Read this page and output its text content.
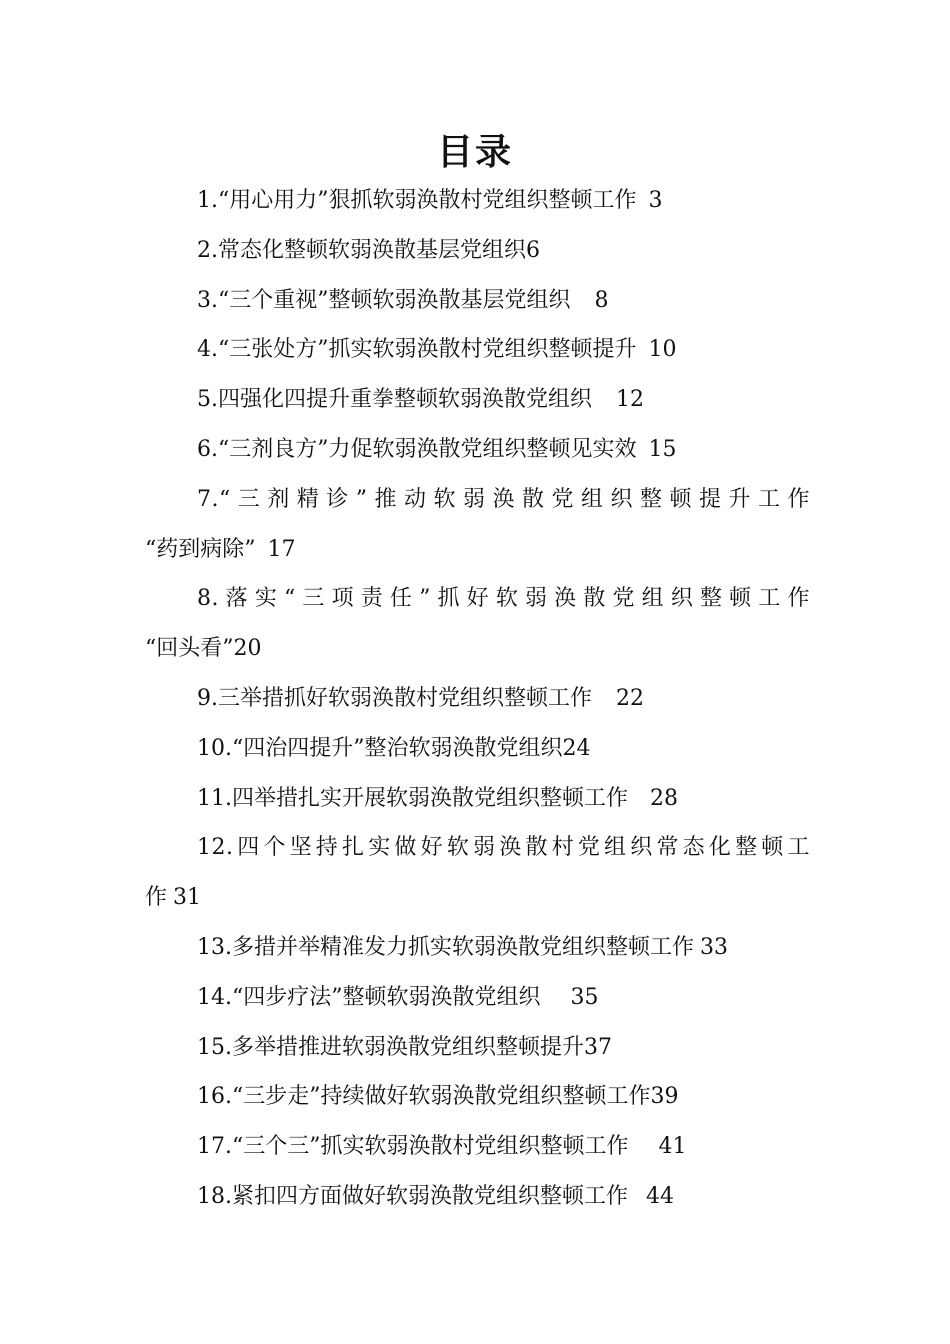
目录
1.“用心用力”狠抓软弱涣散村党组织整顿工作 3
2.常态化整顿软弱涣散基层党组织6
3.“三个重视”整顿软弱涣散基层党组织 8
4.“三张处方”抓实软弱涣散村党组织整顿提升 10
5.四强化四提升重拳整顿软弱涣散党组织 12
6.“三剂良方”力促软弱涣散党组织整顿见实效 15
7.“三剂精诊”推动软弱涣散党组织整顿提升工作
“药到病除” 17
8.落实“三项责任”抓好软弱涣散党组织整顿工作
“回头看”20
9.三举措抓好软弱涣散村党组织整顿工作 22
10.“四治四提升”整治软弱涣散党组织24
11.四举措扎实开展软弱涣散党组织整顿工作 28
12.四个坚持扎实做好软弱涣散村党组织常态化整顿工
作 31
13.多措并举精准发力抓实软弱涣散党组织整顿工作 33
14.“四步疗法”整顿软弱涣散党组织 35
15.多举措推进软弱涣散党组织整顿提升37
16.“三步走”持续做好软弱涣散党组织整顿工作39
17.“三个三”抓实软弱涣散村党组织整顿工作 41
18.紧扣四方面做好软弱涣散党组织整顿工作 44
